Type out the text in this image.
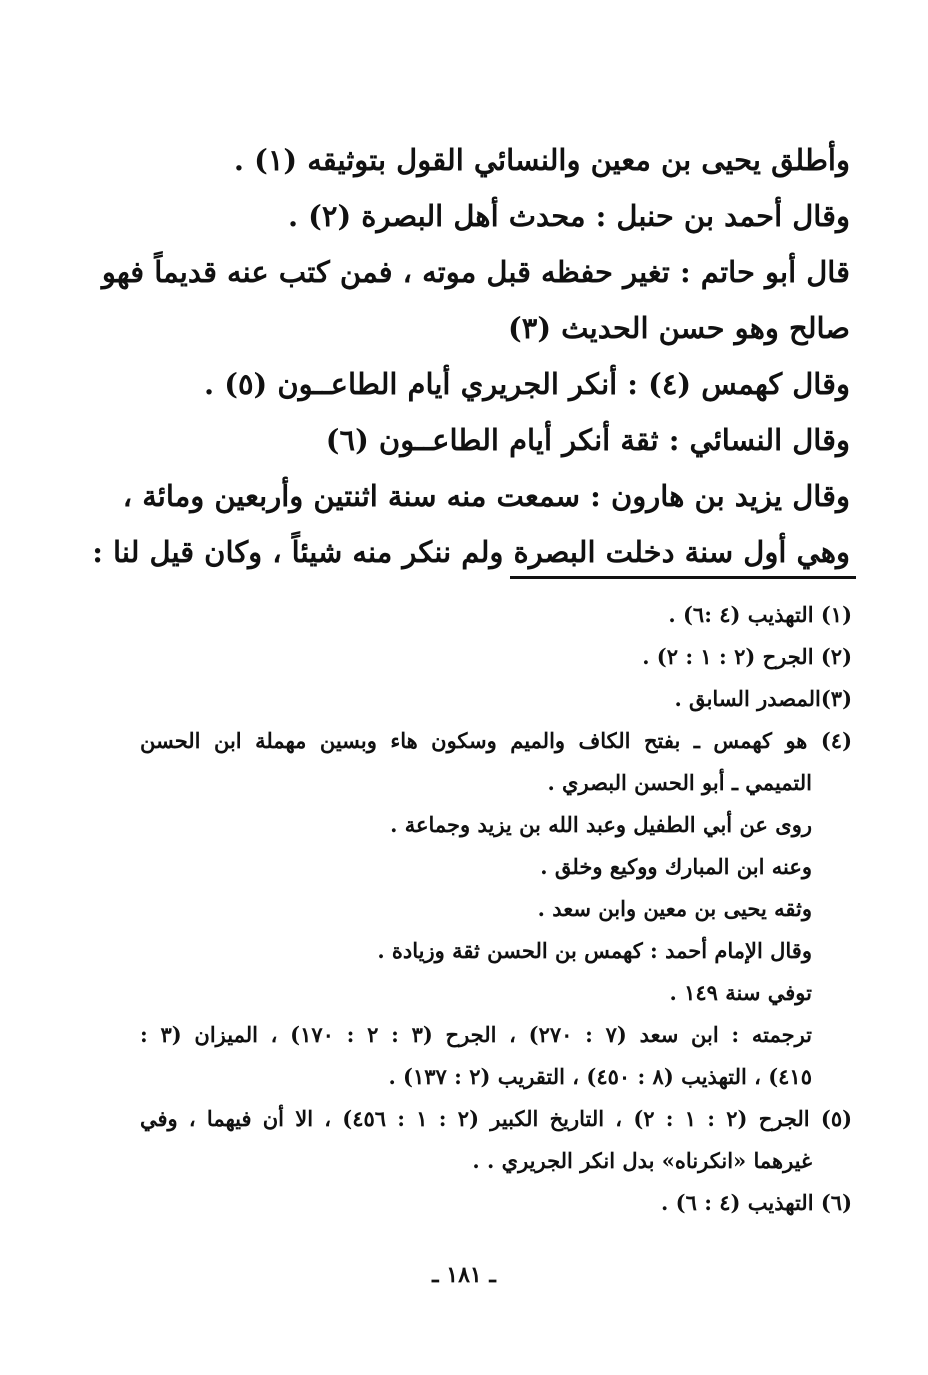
وأطلق يحيى بن معين والنسائي القول بتوثيقه (١) .
وقال أحمد بن حنبل : محدث أهل البصرة (٢) .
قال أبو حاتم : تغير حفظه قبل موته ، فمن كتب عنه قديماً فهو
صالح وهو حسن الحديث (٣)
وقال كهمس (٤) : أنكر الجريري أيام الطاعــون (٥) .
وقال النسائي : ثقة أنكر أيام الطاعــون (٦)
وقال يزيد بن هارون : سمعت منه سنة اثنتين وأربعين ومائة ،
وهي أول سنة دخلت البصرة ولم ننكر منه شيئاً ، وكان قيل لنا :
(١) التهذيب (٤ :٦) .
(٢) الجرح (٢ : ١ : ٢) .
(٣)المصدر السابق .
(٤) هو كهمس ـ بفتح الكاف والميم وسكون هاء وبسين مهملة ابن الحسن
التميمي ـ أبو الحسن البصري .
روى عن أبي الطفيل وعبد الله بن يزيد وجماعة .
وعنه ابن المبارك ووكيع وخلق .
وثقه يحيى بن معين وابن سعد .
وقال الإمام أحمد : كهمس بن الحسن ثقة وزيادة .
توفي سنة ١٤٩ .
ترجمته : ابن سعد (٧ : ٢٧٠) ، الجرح (٣ : ٢ : ١٧٠) ، الميزان (٣ :
٤١٥) ، التهذيب (٨ : ٤٥٠) ، التقريب (٢ : ١٣٧) .
(٥) الجرح (٢ : ١ : ٢) ، التاريخ الكبير (٢ : ١ : ٤٥٦) ، الا أن فيهما ، وفي
غيرهما «انكرناه» بدل انكر الجريري . .
(٦) التهذيب (٤ : ٦) .
ـ ١٨١ ـ
